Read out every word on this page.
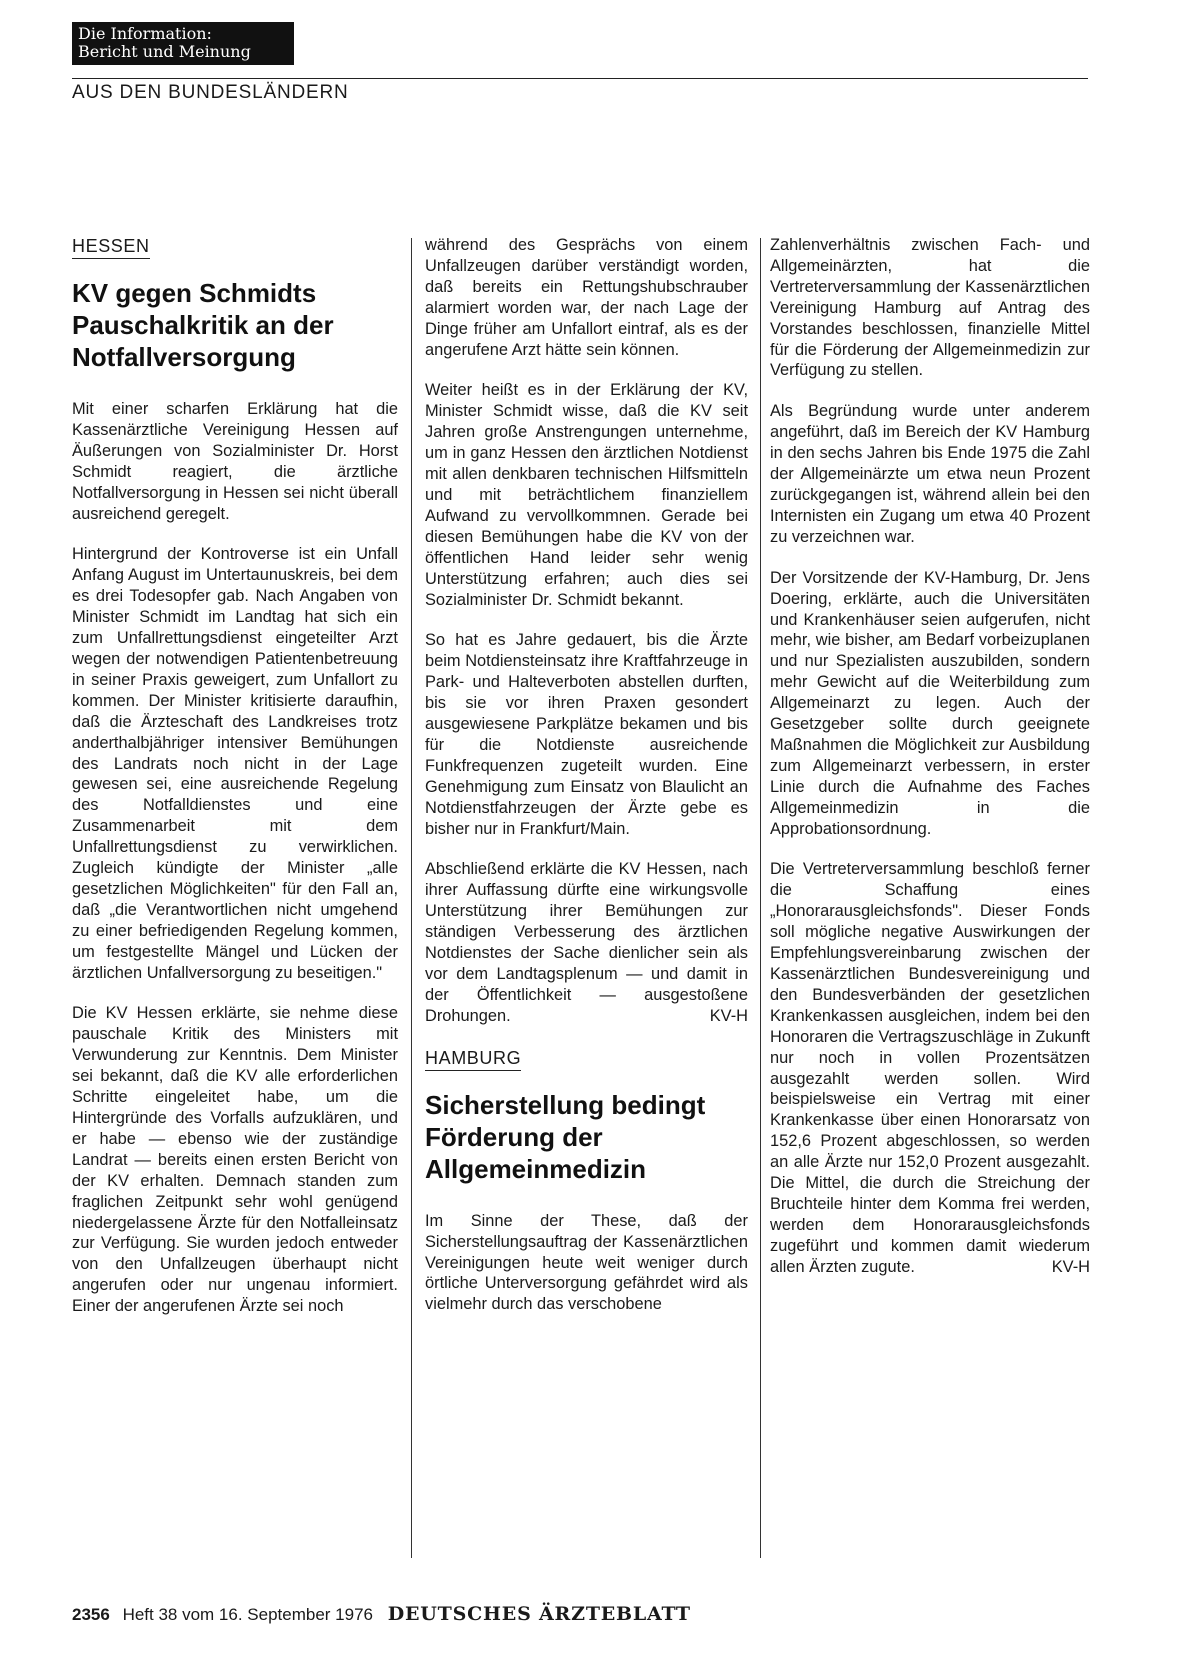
Die Information:
Bericht und Meinung
AUS DEN BUNDESLÄNDERN
HESSEN
KV gegen Schmidts Pauschalkritik an der Notfallversorgung

Mit einer scharfen Erklärung hat die Kassenärztliche Vereinigung Hessen auf Äußerungen von Sozialminister Dr. Horst Schmidt reagiert, die ärztliche Notfallversorgung in Hessen sei nicht überall ausreichend geregelt.

Hintergrund der Kontroverse ist ein Unfall Anfang August im Untertaunuskreis, bei dem es drei Todesopfer gab. Nach Angaben von Minister Schmidt im Landtag hat sich ein zum Unfallrettungsdienst eingeteilter Arzt wegen der notwendigen Patientenbetreuung in seiner Praxis geweigert, zum Unfallort zu kommen. Der Minister kritisierte daraufhin, daß die Ärzteschaft des Landkreises trotz anderthalbjähriger intensiver Bemühungen des Landrats noch nicht in der Lage gewesen sei, eine ausreichende Regelung des Notfalldienstes und eine Zusammenarbeit mit dem Unfallrettungsdienst zu verwirklichen. Zugleich kündigte der Minister „alle gesetzlichen Möglichkeiten" für den Fall an, daß „die Verantwortlichen nicht umgehend zu einer befriedigenden Regelung kommen, um festgestellte Mängel und Lücken der ärztlichen Unfallversorgung zu beseitigen."

Die KV Hessen erklärte, sie nehme diese pauschale Kritik des Ministers mit Verwunderung zur Kenntnis. Dem Minister sei bekannt, daß die KV alle erforderlichen Schritte eingeleitet habe, um die Hintergründe des Vorfalls aufzuklären, und er habe — ebenso wie der zuständige Landrat — bereits einen ersten Bericht von der KV erhalten. Demnach standen zum fraglichen Zeitpunkt sehr wohl genügend niedergelassene Ärzte für den Notfalleinsatz zur Verfügung. Sie wurden jedoch entweder von den Unfallzeugen überhaupt nicht angerufen oder nur ungenau informiert. Einer der angerufenen Ärzte sei noch

während des Gesprächs von einem Unfallzeugen darüber verständigt worden, daß bereits ein Rettungshubschrauber alarmiert worden war, der nach Lage der Dinge früher am Unfallort eintraf, als es der angerufene Arzt hätte sein können.

Weiter heißt es in der Erklärung der KV, Minister Schmidt wisse, daß die KV seit Jahren große Anstrengungen unternehme, um in ganz Hessen den ärztlichen Notdienst mit allen denkbaren technischen Hilfsmitteln und mit beträchtlichem finanziellem Aufwand zu vervollkommnen. Gerade bei diesen Bemühungen habe die KV von der öffentlichen Hand leider sehr wenig Unterstützung erfahren; auch dies sei Sozialminister Dr. Schmidt bekannt.

So hat es Jahre gedauert, bis die Ärzte beim Notdiensteinsatz ihre Kraftfahrzeuge in Park- und Halteverboten abstellen durften, bis sie vor ihren Praxen gesondert ausgewiesene Parkplätze bekamen und bis für die Notdienste ausreichende Funkfrequenzen zugeteilt wurden. Eine Genehmigung zum Einsatz von Blaulicht an Notdienstfahrzeugen der Ärzte gebe es bisher nur in Frankfurt/Main.

Abschließend erklärte die KV Hessen, nach ihrer Auffassung dürfte eine wirkungsvolle Unterstützung ihrer Bemühungen zur ständigen Verbesserung des ärztlichen Notdienstes der Sache dienlicher sein als vor dem Landtagsplenum — und damit in der Öffentlichkeit — ausgestoßene Drohungen.	KV-H

HAMBURG
Sicherstellung bedingt Förderung der Allgemeinmedizin

Im Sinne der These, daß der Sicherstellungsauftrag der Kassenärztlichen Vereinigungen heute weit weniger durch örtliche Unterversorgung gefährdet wird als vielmehr durch das verschobene

Zahlenverhältnis zwischen Fach- und Allgemeinärzten, hat die Vertreterversammlung der Kassenärztlichen Vereinigung Hamburg auf Antrag des Vorstandes beschlossen, finanzielle Mittel für die Förderung der Allgemeinmedizin zur Verfügung zu stellen.

Als Begründung wurde unter anderem angeführt, daß im Bereich der KV Hamburg in den sechs Jahren bis Ende 1975 die Zahl der Allgemeinärzte um etwa neun Prozent zurückgegangen ist, während allein bei den Internisten ein Zugang um etwa 40 Prozent zu verzeichnen war.

Der Vorsitzende der KV-Hamburg, Dr. Jens Doering, erklärte, auch die Universitäten und Krankenhäuser seien aufgerufen, nicht mehr, wie bisher, am Bedarf vorbeizuplanen und nur Spezialisten auszubilden, sondern mehr Gewicht auf die Weiterbildung zum Allgemeinarzt zu legen. Auch der Gesetzgeber sollte durch geeignete Maßnahmen die Möglichkeit zur Ausbildung zum Allgemeinarzt verbessern, in erster Linie durch die Aufnahme des Faches Allgemeinmedizin in die Approbationsordnung.

Die Vertreterversammlung beschloß ferner die Schaffung eines „Honorarausgleichsfonds". Dieser Fonds soll mögliche negative Auswirkungen der Empfehlungsvereinbarung zwischen der Kassenärztlichen Bundesvereinigung und den Bundesverbänden der gesetzlichen Krankenkassen ausgleichen, indem bei den Honoraren die Vertragszuschläge in Zukunft nur noch in vollen Prozentsätzen ausgezahlt werden sollen. Wird beispielsweise ein Vertrag mit einer Krankenkasse über einen Honorarsatz von 152,6 Prozent abgeschlossen, so werden an alle Ärzte nur 152,0 Prozent ausgezahlt. Die Mittel, die durch die Streichung der Bruchteile hinter dem Komma frei werden, werden dem Honorarausgleichsfonds zugeführt und kommen damit wiederum allen Ärzten zugute.	KV-H

2356 Heft 38 vom 16. September 1976 DEUTSCHES ÄRZTEBLATT
